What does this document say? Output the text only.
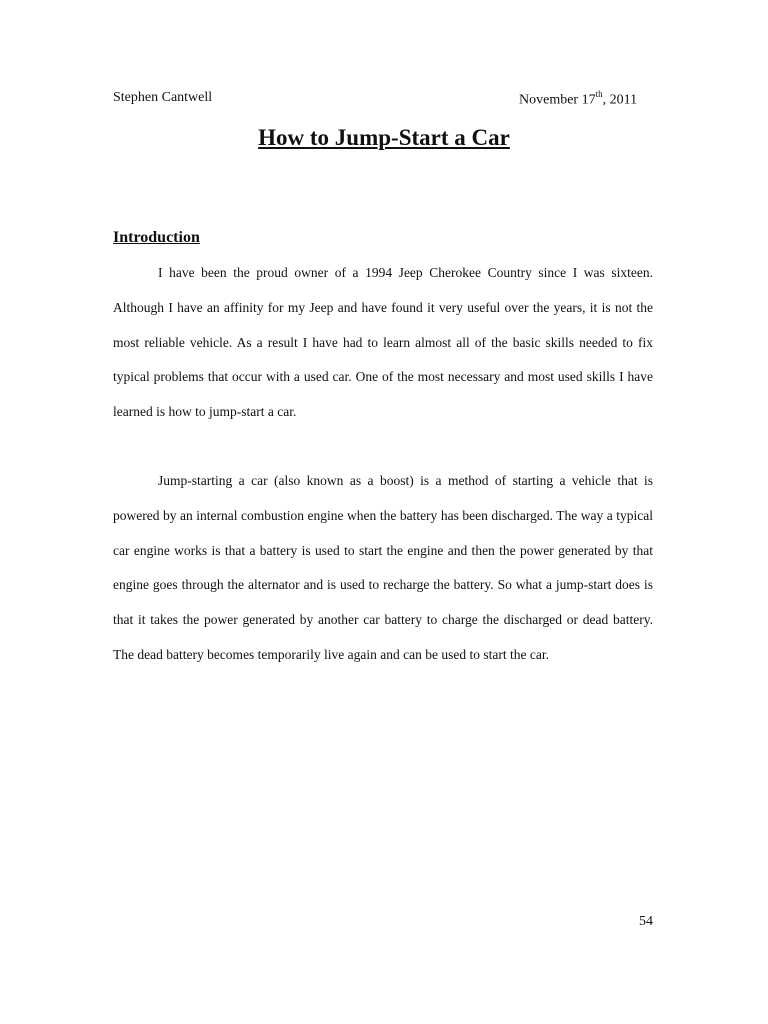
Stephen Cantwell	November 17th, 2011
How to Jump-Start a Car
Introduction

I have been the proud owner of a 1994 Jeep Cherokee Country since I was sixteen. Although I have an affinity for my Jeep and have found it very useful over the years, it is not the most reliable vehicle. As a result I have had to learn almost all of the basic skills needed to fix typical problems that occur with a used car. One of the most necessary and most used skills I have learned is how to jump-start a car.

Jump-starting a car (also known as a boost) is a method of starting a vehicle that is powered by an internal combustion engine when the battery has been discharged. The way a typical car engine works is that a battery is used to start the engine and then the power generated by that engine goes through the alternator and is used to recharge the battery. So what a jump-start does is that it takes the power generated by another car battery to charge the discharged or dead battery. The dead battery becomes temporarily live again and can be used to start the car.

54
